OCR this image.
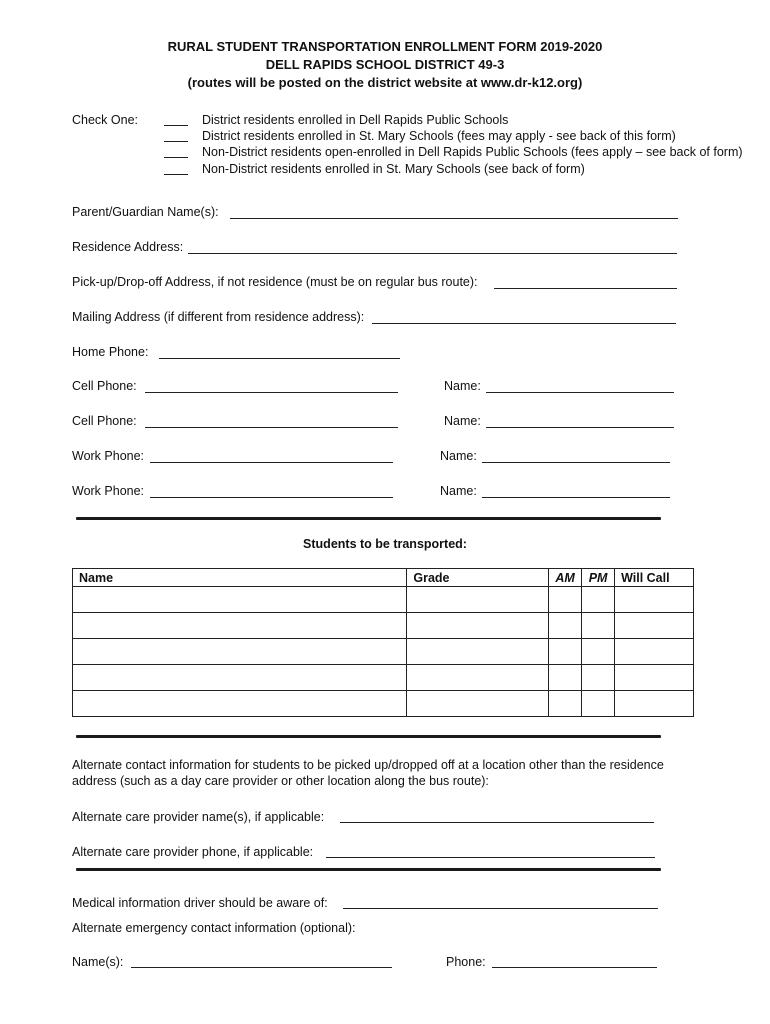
RURAL STUDENT TRANSPORTATION ENROLLMENT FORM 2019-2020
DELL RAPIDS SCHOOL DISTRICT 49-3
(routes will be posted on the district website at www.dr-k12.org)
Check One:	District residents enrolled in Dell Rapids Public Schools
District residents enrolled in St. Mary Schools (fees may apply - see back of this form)
Non-District residents open-enrolled in Dell Rapids Public Schools (fees apply – see back of form)
Non-District residents enrolled in St. Mary Schools (see back of form)
Parent/Guardian Name(s):
Residence Address:
Pick-up/Drop-off Address, if not residence (must be on regular bus route):
Mailing Address (if different from residence address):
Home Phone:
Cell Phone:	Name:
Cell Phone:	Name:
Work Phone:	Name:
Work Phone:	Name:
Students to be transported:
Name	Grade	AM	PM	Will Call

Alternate contact information for students to be picked up/dropped off at a location other than the residence
address (such as a day care provider or other location along the bus route):
Alternate care provider name(s), if applicable:
Alternate care provider phone, if applicable:
Medical information driver should be aware of:
Alternate emergency contact information (optional):
Name(s):	Phone:
